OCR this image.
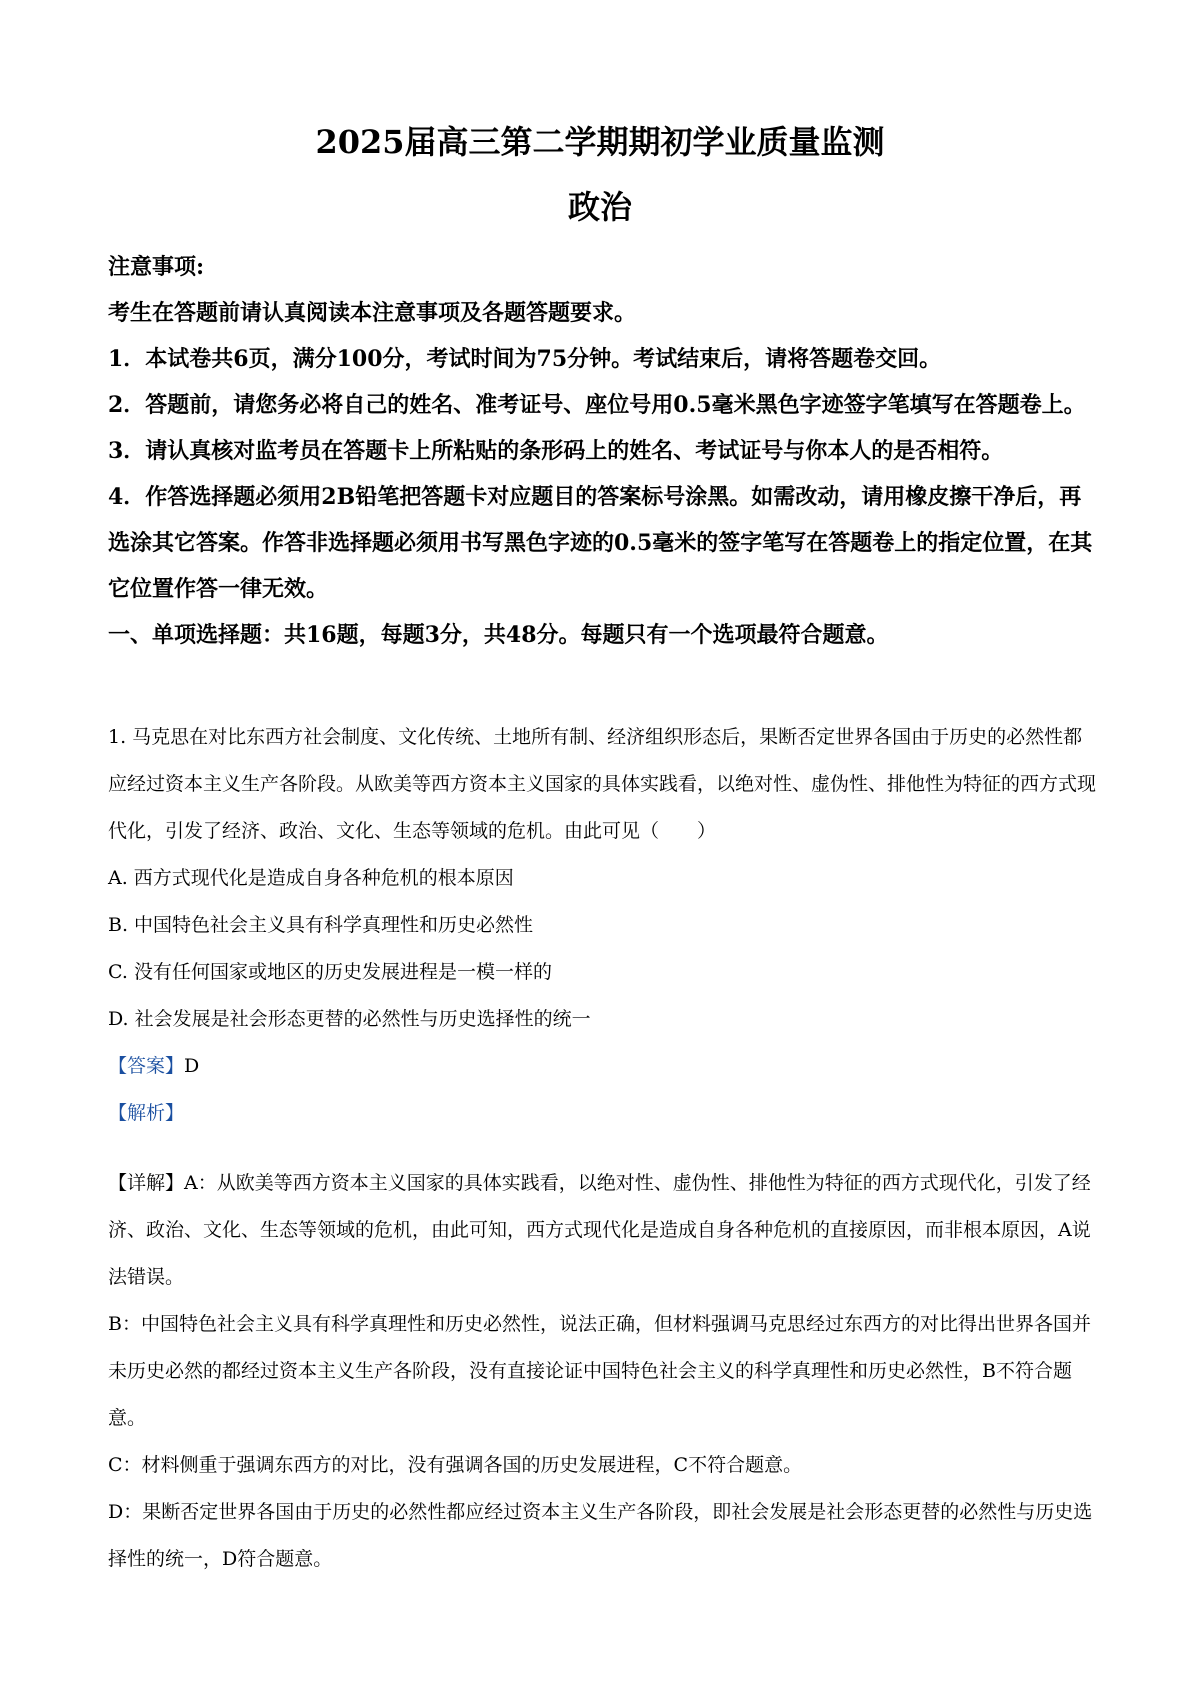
2025届高三第二学期期初学业质量监测
政治
注意事项:
考生在答题前请认真阅读本注意事项及各题答题要求。
1．本试卷共6页，满分100分，考试时间为75分钟。考试结束后，请将答题卷交回。
2．答题前，请您务必将自己的姓名、准考证号、座位号用0.5毫米黑色字迹签字笔填写在答题卷上。
3．请认真核对监考员在答题卡上所粘贴的条形码上的姓名、考试证号与你本人的是否相符。
4．作答选择题必须用2B铅笔把答题卡对应题目的答案标号涂黑。如需改动，请用橡皮擦干净后，再选涂其它答案。作答非选择题必须用书写黑色字迹的0.5毫米的签字笔写在答题卷上的指定位置，在其它位置作答一律无效。
一、单项选择题：共16题，每题3分，共48分。每题只有一个选项最符合题意。
1. 马克思在对比东西方社会制度、文化传统、土地所有制、经济组织形态后，果断否定世界各国由于历史的必然性都应经过资本主义生产各阶段。从欧美等西方资本主义国家的具体实践看，以绝对性、虚伪性、排他性为特征的西方式现代化，引发了经济、政治、文化、生态等领域的危机。由此可见（　　）
A. 西方式现代化是造成自身各种危机的根本原因
B. 中国特色社会主义具有科学真理性和历史必然性
C. 没有任何国家或地区的历史发展进程是一模一样的
D. 社会发展是社会形态更替的必然性与历史选择性的统一
【答案】D
【解析】
【详解】A：从欧美等西方资本主义国家的具体实践看，以绝对性、虚伪性、排他性为特征的西方式现代化，引发了经济、政治、文化、生态等领域的危机，由此可知，西方式现代化是造成自身各种危机的直接原因，而非根本原因，A说法错误。
B：中国特色社会主义具有科学真理性和历史必然性，说法正确，但材料强调马克思经过东西方的对比得出世界各国并未历史必然的都经过资本主义生产各阶段，没有直接论证中国特色社会主义的科学真理性和历史必然性，B不符合题意。
C：材料侧重于强调东西方的对比，没有强调各国的历史发展进程，C不符合题意。
D：果断否定世界各国由于历史的必然性都应经过资本主义生产各阶段，即社会发展是社会形态更替的必然性与历史选择性的统一，D符合题意。
